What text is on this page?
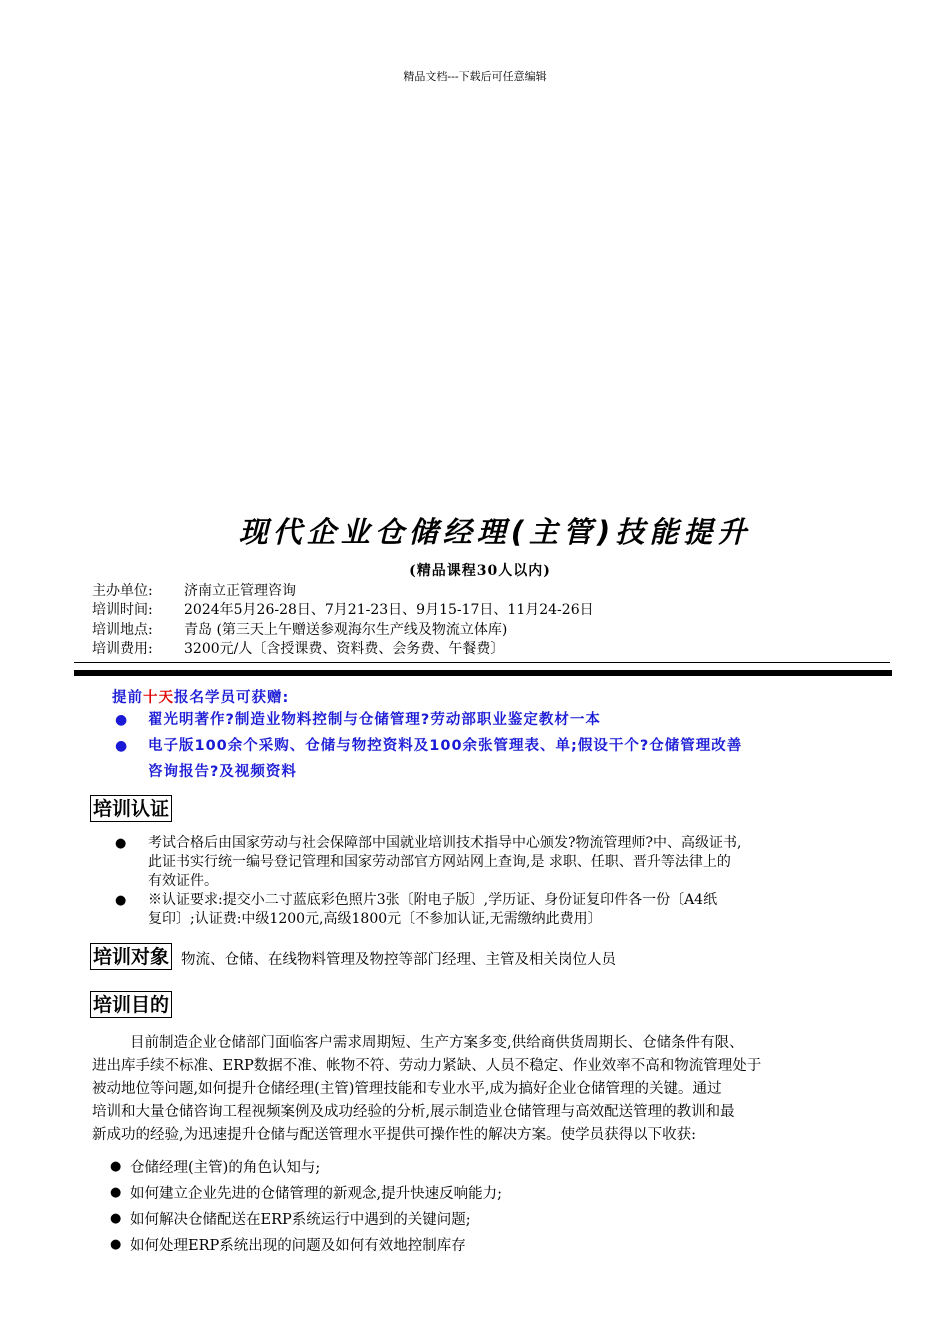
精品文档---下载后可任意编辑
现代企业仓储经理(主管)技能提升
(精品课程30人以内)
主办单位: 济南立正管理咨询
培训时间: 2024年5月26-28日、7月21-23日、9月15-17日、11月24-26日
培训地点: 青岛 (第三天上午赠送参观海尔生产线及物流立体库)
培训费用: 3200元/人〔含授课费、资料费、会务费、午餐费〕
提前十天报名学员可获赠:
● 翟光明著作?制造业物料控制与仓储管理?劳动部职业鉴定教材一本
● 电子版100余个采购、仓储与物控资料及100余张管理表、单;假设干个?仓储管理改善
咨询报告?及视频资料
培训认证
● 考试合格后由国家劳动与社会保障部中国就业培训技术指导中心颁发?物流管理师?中、高级证书,
此证书实行统一编号登记管理和国家劳动部官方网站网上查询,是 求职、任职、晋升等法律上的
有效证件。
● ※认证要求:提交小二寸蓝底彩色照片3张〔附电子版〕,学历证、身份证复印件各一份〔A4纸
复印〕;认证费:中级1200元,高级1800元〔不参加认证,无需缴纳此费用〕
培训对象 物流、仓储、在线物料管理及物控等部门经理、主管及相关岗位人员
培训目的
目前制造企业仓储部门面临客户需求周期短、生产方案多变,供给商供货周期长、仓储条件有限、
进出库手续不标准、ERP数据不准、帐物不符、劳动力紧缺、人员不稳定、作业效率不高和物流管理处于
被动地位等问题,如何提升仓储经理(主管)管理技能和专业水平,成为搞好企业仓储管理的关键。通过
培训和大量仓储咨询工程视频案例及成功经验的分析,展示制造业仓储管理与高效配送管理的教训和最
新成功的经验,为迅速提升仓储与配送管理水平提供可操作性的解决方案。使学员获得以下收获:
● 仓储经理(主管)的角色认知与;
● 如何建立企业先进的仓储管理的新观念,提升快速反响能力;
● 如何解决仓储配送在ERP系统运行中遇到的关键问题;
● 如何处理ERP系统出现的问题及如何有效地控制库存
